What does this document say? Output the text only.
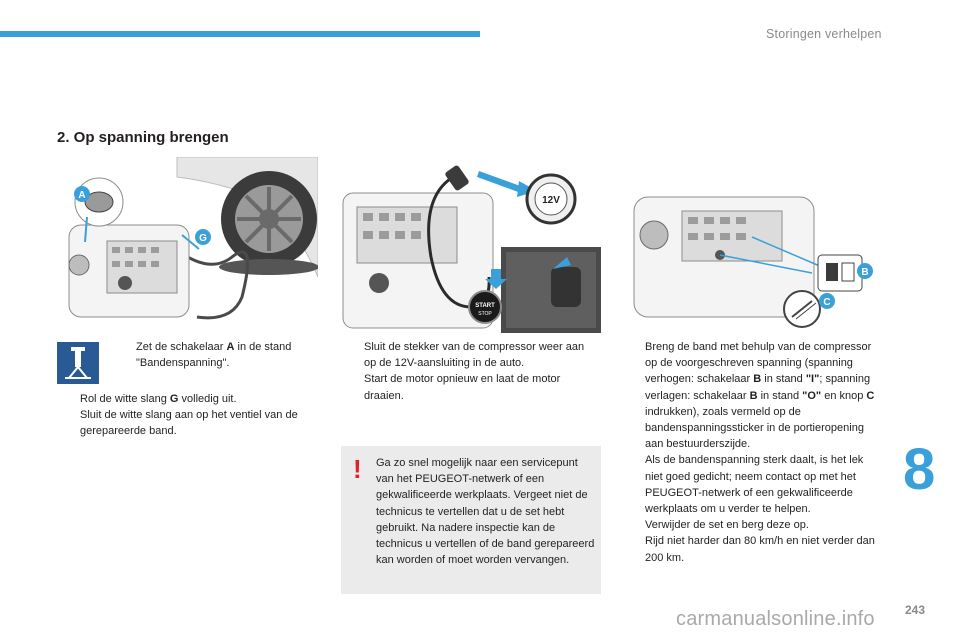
Storingen verhelpen
2. Op spanning brengen
A
G
12V
START
STOP
B
C
Zet de schakelaar A in de stand "Bandenspanning".
Rol de witte slang G volledig uit.
Sluit de witte slang aan op het ventiel van de gerepareerde band.
Sluit de stekker van de compressor weer aan op de 12V-aansluiting in de auto.
Start de motor opnieuw en laat de motor draaien.
! Ga zo snel mogelijk naar een servicepunt van het PEUGEOT-netwerk of een gekwalificeerde werkplaats. Vergeet niet de technicus te vertellen dat u de set hebt gebruikt. Na nadere inspectie kan de technicus u vertellen of de band gerepareerd kan worden of moet worden vervangen.
Breng de band met behulp van de compressor op de voorgeschreven spanning (spanning verhogen: schakelaar B in stand "I"; spanning verlagen: schakelaar B in stand "O" en knop C indrukken), zoals vermeld op de bandenspanningssticker in de portieropening aan bestuurderszijde.
Als de bandenspanning sterk daalt, is het lek niet goed gedicht; neem contact op met het PEUGEOT-netwerk of een gekwalificeerde werkplaats om u verder te helpen.
Verwijder de set en berg deze op.
Rijd niet harder dan 80 km/h en niet verder dan 200 km.
8
243
carmanualsonline.info
